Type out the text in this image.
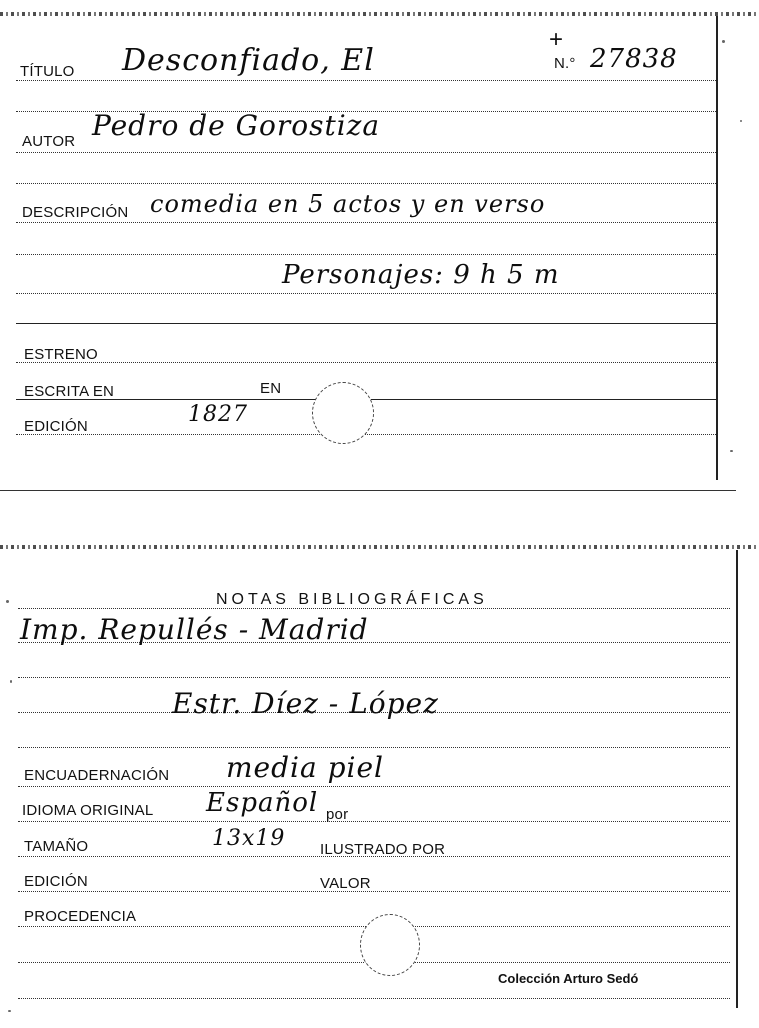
TÍTULO Desconfiado, El
+
N.° 27838
AUTOR Pedro de Gorostiza
DESCRIPCIÓN comedia en 5 actos y en verso
Personajes: 9 h 5 m
ESTRENO
ESCRITA EN	EN
EDICIÓN	1827
NOTAS BIBLIOGRÁFICAS
Imp. Repullés - Madrid
Estr. Díez - López
ENCUADERNACIÓN media piel
IDIOMA ORIGINAL Español por
TAMAÑO	13x19 ILUSTRADO POR
EDICIÓN	VALOR
PROCEDENCIA
Colección Arturo Sedó
